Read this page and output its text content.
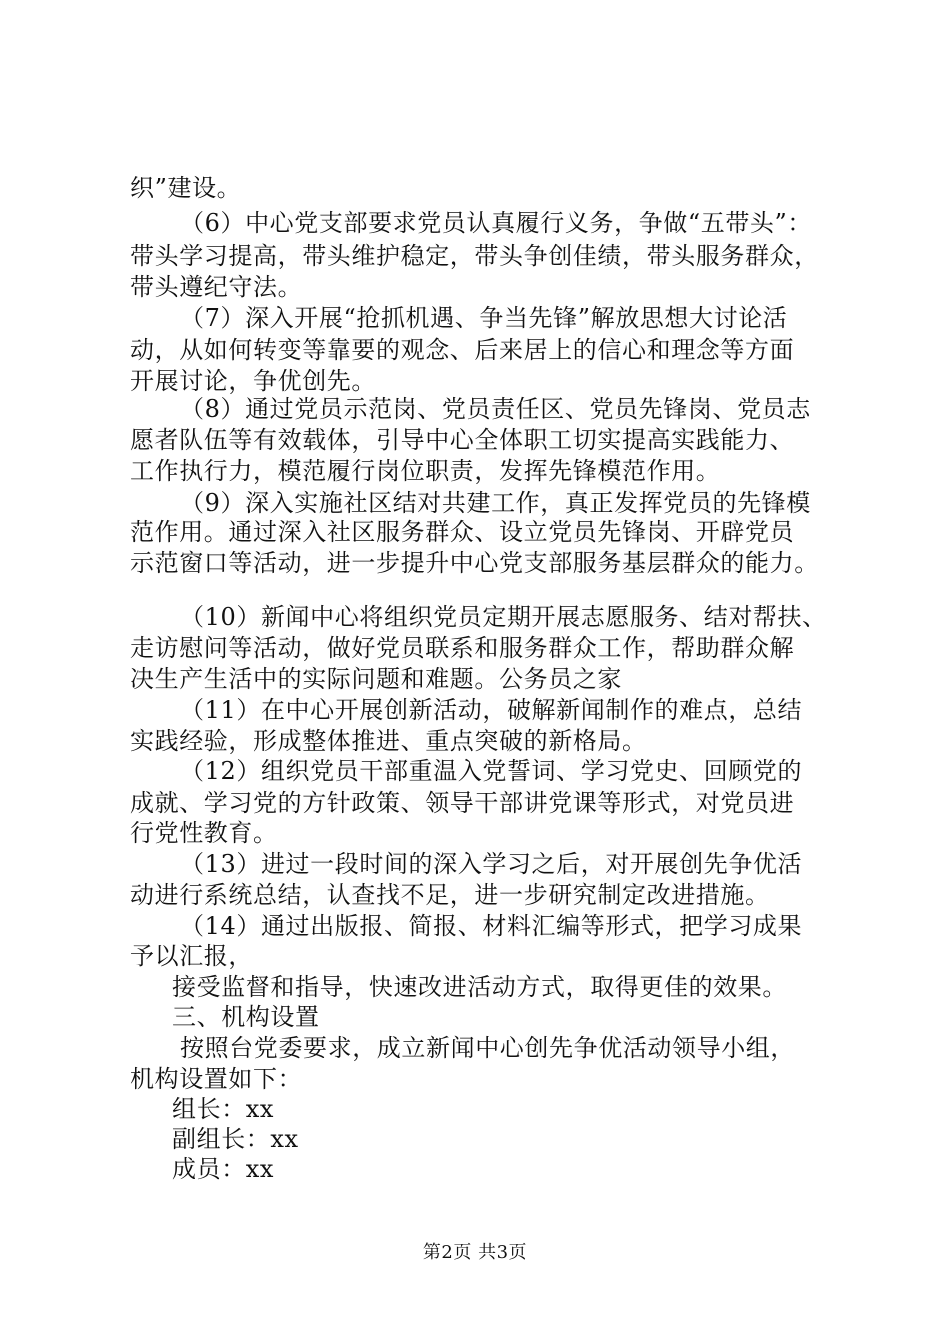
织”建设。
（6）中心党支部要求党员认真履行义务，争做“五带头”：
带头学习提高，带头维护稳定，带头争创佳绩，带头服务群众，
带头遵纪守法。
（7）深入开展“抢抓机遇、争当先锋”解放思想大讨论活
动，从如何转变等靠要的观念、后来居上的信心和理念等方面
开展讨论，争优创先。
（8）通过党员示范岗、党员责任区、党员先锋岗、党员志
愿者队伍等有效载体，引导中心全体职工切实提高实践能力、
工作执行力，模范履行岗位职责，发挥先锋模范作用。
（9）深入实施社区结对共建工作，真正发挥党员的先锋模
范作用。通过深入社区服务群众、设立党员先锋岗、开辟党员
示范窗口等活动，进一步提升中心党支部服务基层群众的能力。
（10）新闻中心将组织党员定期开展志愿服务、结对帮扶、
走访慰问等活动，做好党员联系和服务群众工作，帮助群众解
决生产生活中的实际问题和难题。公务员之家
（11）在中心开展创新活动，破解新闻制作的难点，总结
实践经验，形成整体推进、重点突破的新格局。
（12）组织党员干部重温入党誓词、学习党史、回顾党的
成就、学习党的方针政策、领导干部讲党课等形式，对党员进
行党性教育。
（13）进过一段时间的深入学习之后，对开展创先争优活
动进行系统总结，认查找不足，进一步研究制定改进措施。
（14）通过出版报、简报、材料汇编等形式，把学习成果
予以汇报，
接受监督和指导，快速改进活动方式，取得更佳的效果。
三、机构设置
按照台党委要求，成立新闻中心创先争优活动领导小组，
机构设置如下：
组长：xx
副组长：xx
成员：xx
第2页 共3页
